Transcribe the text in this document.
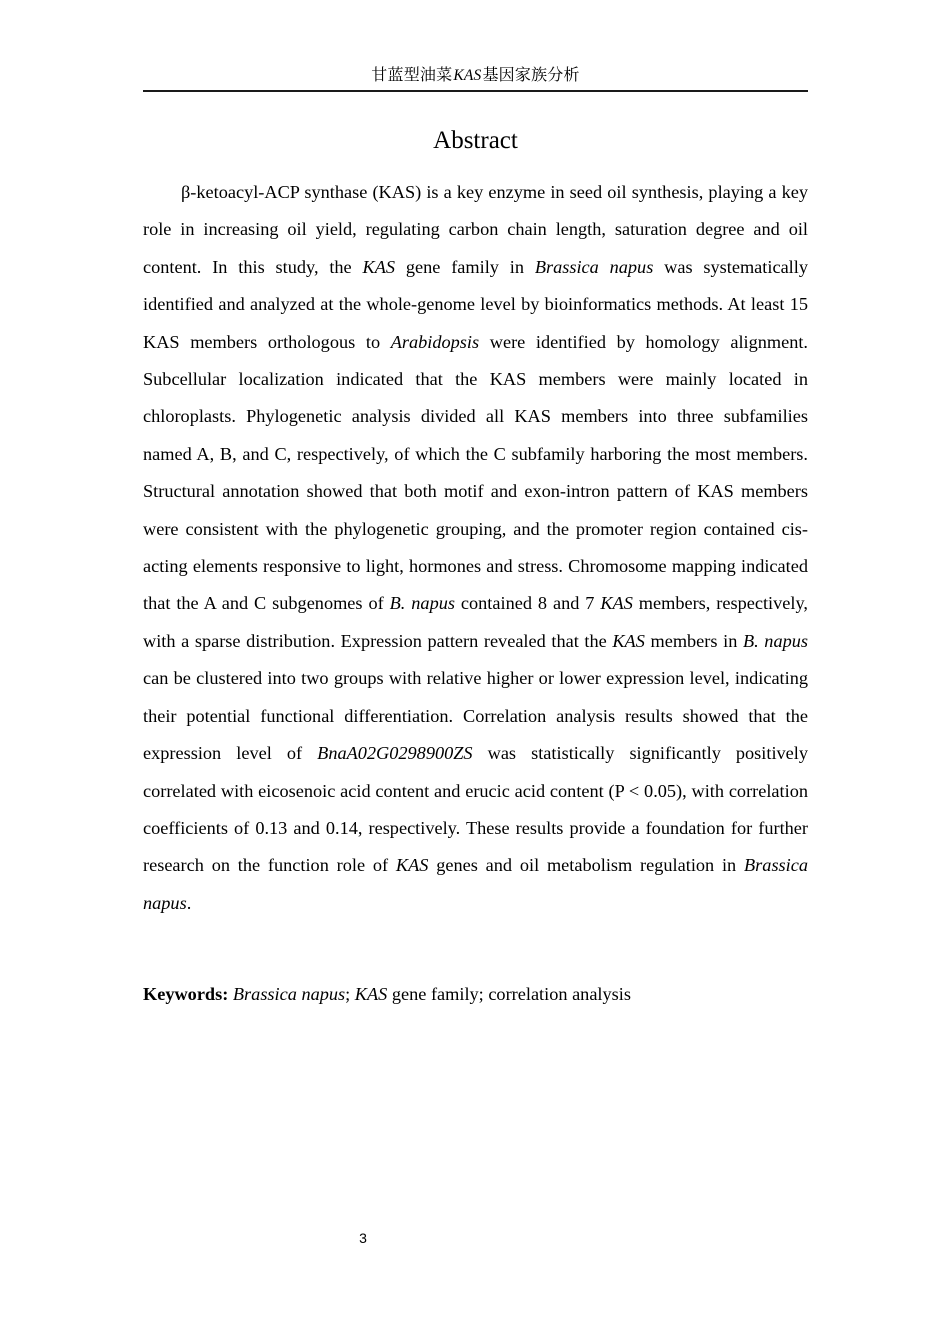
甘蓝型油菜KAS基因家族分析
Abstract

β-ketoacyl-ACP synthase (KAS) is a key enzyme in seed oil synthesis, playing a key role in increasing oil yield, regulating carbon chain length, saturation degree and oil content. In this study, the KAS gene family in Brassica napus was systematically identified and analyzed at the whole-genome level by bioinformatics methods. At least 15 KAS members orthologous to Arabidopsis were identified by homology alignment. Subcellular localization indicated that the KAS members were mainly located in chloroplasts. Phylogenetic analysis divided all KAS members into three subfamilies named A, B, and C, respectively, of which the C subfamily harboring the most members. Structural annotation showed that both motif and exon-intron pattern of KAS members were consistent with the phylogenetic grouping, and the promoter region contained cis-acting elements responsive to light, hormones and stress. Chromosome mapping indicated that the A and C subgenomes of B. napus contained 8 and 7 KAS members, respectively, with a sparse distribution. Expression pattern revealed that the KAS members in B. napus can be clustered into two groups with relative higher or lower expression level, indicating their potential functional differentiation. Correlation analysis results showed that the expression level of BnaA02G0298900ZS was statistically significantly positively correlated with eicosenoic acid content and erucic acid content (P < 0.05), with correlation coefficients of 0.13 and 0.14, respectively. These results provide a foundation for further research on the function role of KAS genes and oil metabolism regulation in Brassica napus.

Keywords: Brassica napus; KAS gene family; correlation analysis

3
